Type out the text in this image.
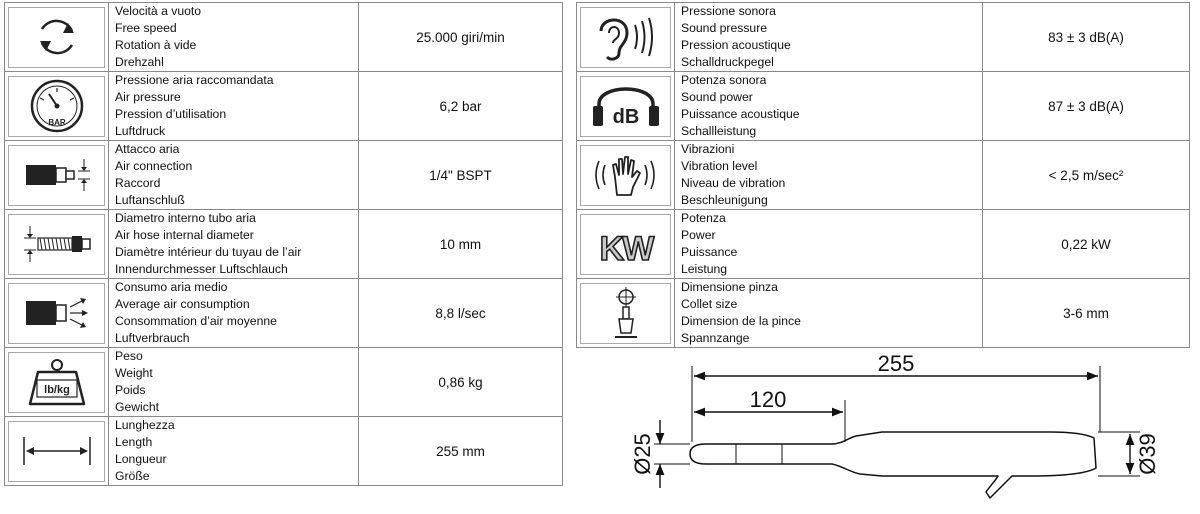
Velocità a vuoto
Free speed
Rotation à vide
Drehzahl	25.000 giri/min

BAR	Pressione aria raccomandata
Air pressure
Pression d’utilisation
Luftdruck	6,2 bar

Attacco aria
Air connection
Raccord
Luftanschluß	1/4" BSPT

Diametro interno tubo aria
Air hose internal diameter
Diamètre intérieur du tuyau de l’air
Innendurchmesser Luftschlauch	10 mm

Consumo aria medio
Average air consumption
Consommation d’air moyenne
Luftverbrauch	8,8 l/sec

lb/kg	Peso
Weight
Poids
Gewicht	0,86 kg

Lunghezza
Length
Longueur
Größe	255 mm

Pressione sonora
Sound pressure
Pression acoustique
Schalldruckpegel	83 ± 3 dB(A)

dB	Potenza sonora
Sound power
Puissance acoustique
Schallleistung	87 ± 3 dB(A)

Vibrazioni
Vibration level
Niveau de vibration
Beschleunigung	< 2,5 m/sec²

KW	Potenza
Power
Puissance
Leistung	0,22 kW

Dimensione pinza
Collet size
Dimension de la pince
Spannzange	3-6 mm
255
120
Ø25	Ø39
